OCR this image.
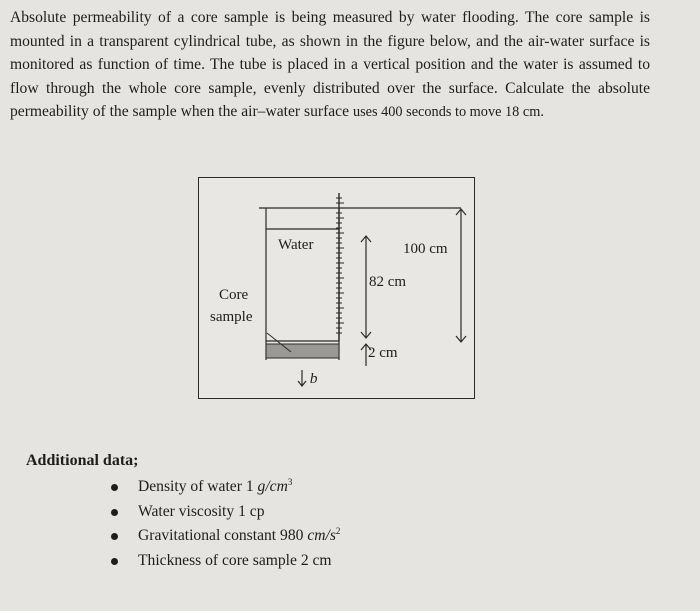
Absolute permeability of a core sample is being measured by water flooding. The core sample is mounted in a transparent cylindrical tube, as shown in the figure below, and the air-water surface is monitored as function of time. The tube is placed in a vertical position and the water is assumed to flow through the whole core sample, evenly distributed over the surface. Calculate the absolute permeability of the sample when the air–water surface uses 400 seconds to move 18 cm.

Water	100 cm
82 cm
Core
sample
2 cm
q

Additional data;

Density of water 1 $g/cm^3$
Water viscosity 1 cp
Gravitational constant 980 $cm/s^2$
Thickness of core sample 2 cm
